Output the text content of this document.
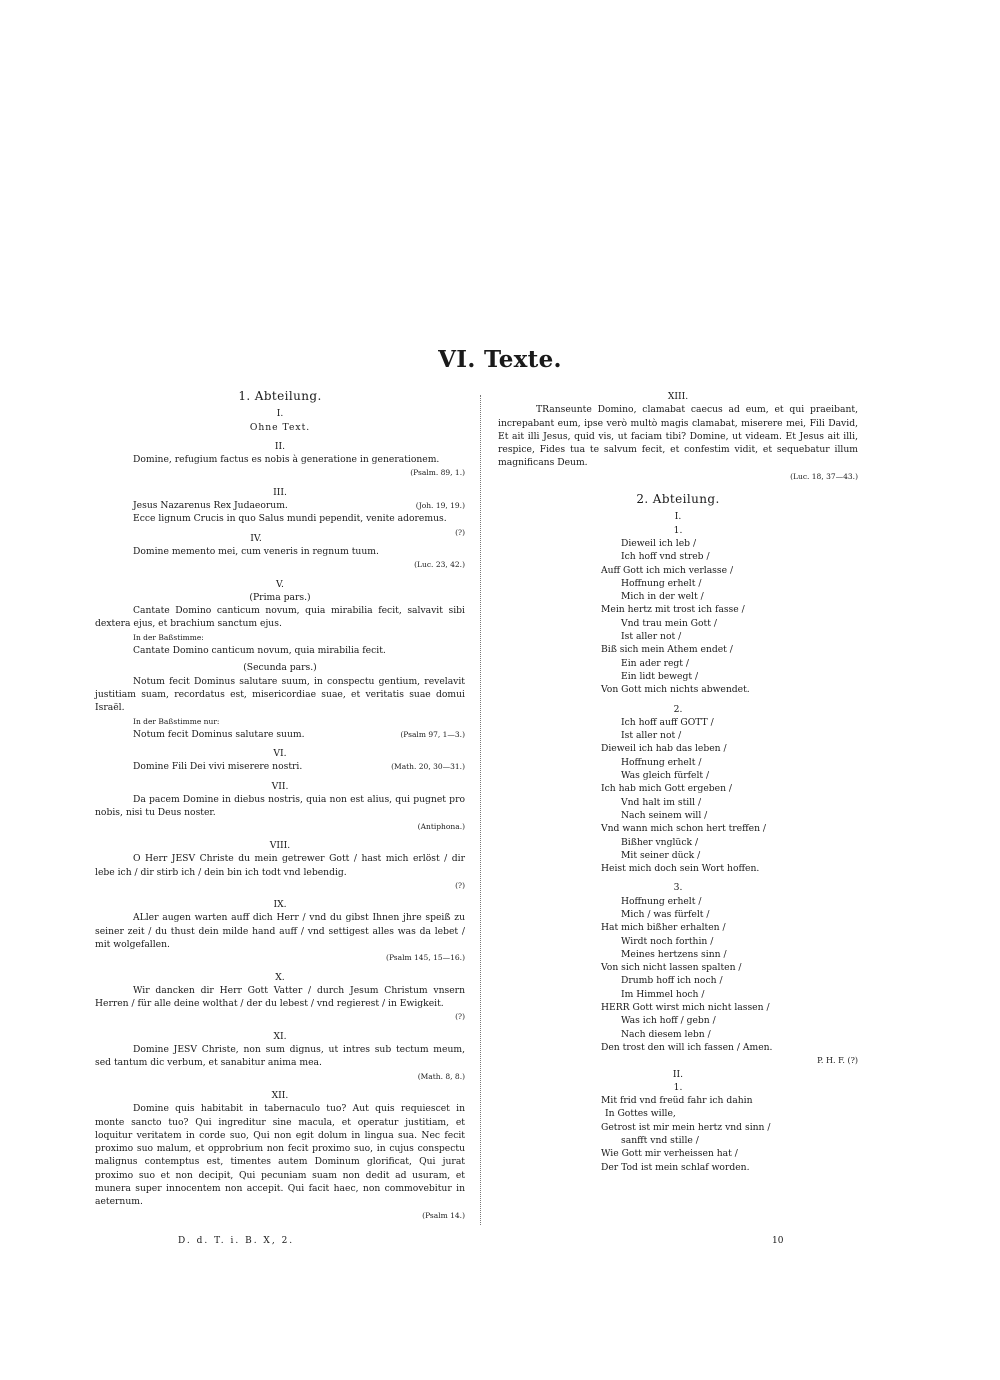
VI. Texte.
1. Abteilung.
I.
Ohne Text.
II.

Domine, refugium factus es nobis à generatione in generationem.

(Psalm. 89, 1.)
III.

Jesus Nazarenus Rex Judaeorum.	(Joh. 19, 19.)

Ecce lignum Crucis in quo Salus mundi pependit, venite adoremus.
(?)

IV.

Domine memento mei, cum veneris in regnum tuum.

(Luc. 23, 42.)
V.
(Prima pars.)

Cantate Domino canticum novum, quia mirabilia fecit, salvavit sibi dextera ejus, et brachium sanctum ejus.

In der Baßstimme:

Cantate Domino canticum novum, quia mirabilia fecit.

(Secunda pars.)

Notum fecit Dominus salutare suum, in conspectu gentium, revelavit justitiam suam, recordatus est, misericordiae suae, et veritatis suae domui Israël.

In der Baßstimme nur:

Notum fecit Dominus salutare suum.	(Psalm 97, 1—3.)

VI.

Domine Fili Dei vivi miserere nostri.	(Math. 20, 30—31.)

VII.

Da pacem Domine in diebus nostris, quia non est alius, qui pugnet pro nobis, nisi tu Deus noster.

(Antiphona.)
VIII.

O Herr JESV Christe du mein getrewer Gott / hast mich erlöst / dir lebe ich / dir stirb ich / dein bin ich todt vnd lebendig.

(?)
IX.

ALler augen warten auff dich Herr / vnd du gibst Ihnen jhre speiß zu seiner zeit / du thust dein milde hand auff / vnd settigest alles was da lebet / mit wolgefallen.

(Psalm 145, 15—16.)
X.

Wir dancken dir Herr Gott Vatter / durch Jesum Christum vnsern Herren / für alle deine wolthat / der du lebest / vnd regierest / in Ewigkeit.

(?)
XI.

Domine JESV Christe, non sum dignus, ut intres sub tectum meum, sed tantum dic verbum, et sanabitur anima mea.

(Math. 8, 8.)
XII.

Domine quis habitabit in tabernaculo tuo? Aut quis requiescet in monte sancto tuo? Qui ingreditur sine macula, et operatur justitiam, et loquitur veritatem in corde suo, Qui non egit dolum in lingua sua. Nec fecit proximo suo malum, et opprobrium non fecit proximo suo, in cujus conspectu malignus contemptus est, timentes autem Dominum glorificat, Qui jurat proximo suo et non decipit, Qui pecuniam suam non dedit ad usuram, et munera super innocentem non accepit. Qui facit haec, non commovebitur in aeternum.

(Psalm 14.)
XIII.

TRanseunte Domino, clamabat caecus ad eum, et qui praeibant, increpabant eum, ipse verò multò magis clamabat, miserere mei, Fili David, Et ait illi Jesus, quid vis, ut faciam tibi? Domine, ut videam. Et Jesus ait illi, respice, Fides tua te salvum fecit, et confestim vidit, et sequebatur illum magnificans Deum.

(Luc. 18, 37—43.)
2. Abteilung.
I.
1.
Dieweil ich leb /
Ich hoff vnd streb /
Auff Gott ich mich verlasse /
Hoffnung erhelt /
Mich in der welt /
Mein hertz mit trost ich fasse /
Vnd trau mein Gott /
Ist aller not /
Biß sich mein Athem endet /
Ein ader regt /
Ein lidt bewegt /
Von Gott mich nichts abwendet.
2.
Ich hoff auff GOTT /
Ist aller not /
Dieweil ich hab das leben /
Hoffnung erhelt /
Was gleich fürfelt /
Ich hab mich Gott ergeben /
Vnd halt im still /
Nach seinem will /
Vnd wann mich schon hert treffen /
Bißher vnglück /
Mit seiner dück /
Heist mich doch sein Wort hoffen.
3.
Hoffnung erhelt /
Mich / was fürfelt /
Hat mich bißher erhalten /
Wirdt noch forthin /
Meines hertzens sinn /
Von sich nicht lassen spalten /
Drumb hoff ich noch /
Im Himmel hoch /
HERR Gott wirst mich nicht lassen /
Was ich hoff / gebn /
Nach diesem lebn /
Den trost den will ich fassen / Amen.
P. H. F. (?)
II.
1.
Mit frid vnd freüd fahr ich dahin
In Gottes wille,
Getrost ist mir mein hertz vnd sinn /
sanfft vnd stille /
Wie Gott mir verheissen hat /
Der Tod ist mein schlaf worden.
D. d. T. i. B. X, 2.	10
